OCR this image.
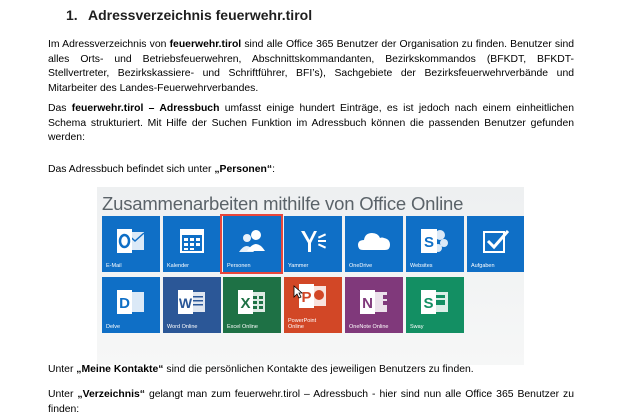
1. Adressverzeichnis feuerwehr.tirol
Im Adressverzeichnis von feuerwehr.tirol sind alle Office 365 Benutzer der Organisation zu finden. Benutzer sind alles Orts- und Betriebsfeuerwehren, Abschnittskommandanten, Bezirkskommandos (BFKDT, BFKDT-Stellvertreter, Bezirkskassiere- und Schriftführer, BFI’s), Sachgebiete der Bezirksfeuerwehrverbände und Mitarbeiter des Landes-Feuerwehrverbandes.
Das feuerwehr.tirol – Adressbuch umfasst einige hundert Einträge, es ist jedoch nach einem einheitlichen Schema strukturiert. Mit Hilfe der Suchen Funktion im Adressbuch können die passenden Benutzer gefunden werden:
Das Adressbuch befindet sich unter „Personen“:
Zusammenarbeiten mithilfe von Office Online
E-Mail	Kalender	Personen	Yammer	OneDrive
S
Websites	Aufgaben
D
Delve
W
Word Online
X
Excel Online
P
PowerPoint Online
N
OneNote Online
S
Sway
Unter „Meine Kontakte“ sind die persönlichen Kontakte des jeweiligen Benutzers zu finden.
Unter „Verzeichnis“ gelangt man zum feuerwehr.tirol – Adressbuch - hier sind nun alle Office 365 Benutzer zu finden:
